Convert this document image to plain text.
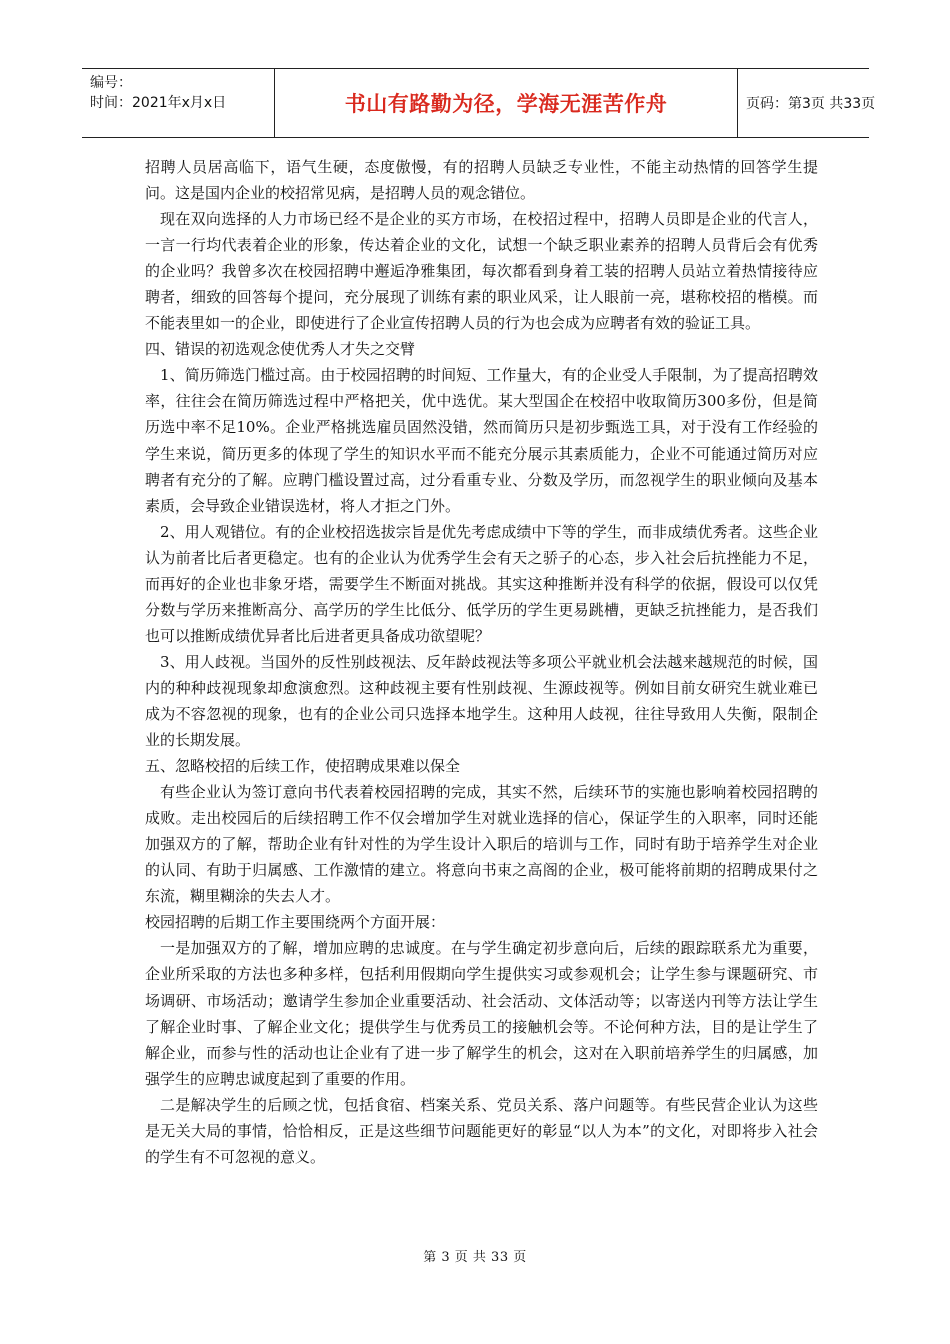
编号：
时间：2021年x月x日	书山有路勤为径，学海无涯苦作舟	页码：第3页 共33页

招聘人员居高临下，语气生硬，态度傲慢，有的招聘人员缺乏专业性，不能主动热情的回答学生提问。这是国内企业的校招常见病，是招聘人员的观念错位。

现在双向选择的人力市场已经不是企业的买方市场，在校招过程中，招聘人员即是企业的代言人，一言一行均代表着企业的形象，传达着企业的文化，试想一个缺乏职业素养的招聘人员背后会有优秀的企业吗？我曾多次在校园招聘中邂逅净雅集团，每次都看到身着工装的招聘人员站立着热情接待应聘者，细致的回答每个提问，充分展现了训练有素的职业风采，让人眼前一亮，堪称校招的楷模。而不能表里如一的企业，即使进行了企业宣传招聘人员的行为也会成为应聘者有效的验证工具。

四、错误的初选观念使优秀人才失之交臂

1、简历筛选门槛过高。由于校园招聘的时间短、工作量大，有的企业受人手限制，为了提高招聘效率，往往会在简历筛选过程中严格把关，优中选优。某大型国企在校招中收取简历300多份，但是简历选中率不足10%。企业严格挑选雇员固然没错，然而简历只是初步甄选工具，对于没有工作经验的学生来说，简历更多的体现了学生的知识水平而不能充分展示其素质能力，企业不可能通过简历对应聘者有充分的了解。应聘门槛设置过高，过分看重专业、分数及学历，而忽视学生的职业倾向及基本素质，会导致企业错误选材，将人才拒之门外。

2、用人观错位。有的企业校招选拔宗旨是优先考虑成绩中下等的学生，而非成绩优秀者。这些企业认为前者比后者更稳定。也有的企业认为优秀学生会有天之骄子的心态，步入社会后抗挫能力不足，而再好的企业也非象牙塔，需要学生不断面对挑战。其实这种推断并没有科学的依据，假设可以仅凭分数与学历来推断高分、高学历的学生比低分、低学历的学生更易跳槽，更缺乏抗挫能力，是否我们也可以推断成绩优异者比后进者更具备成功欲望呢？

3、用人歧视。当国外的反性别歧视法、反年龄歧视法等多项公平就业机会法越来越规范的时候，国内的种种歧视现象却愈演愈烈。这种歧视主要有性别歧视、生源歧视等。例如目前女研究生就业难已成为不容忽视的现象，也有的企业公司只选择本地学生。这种用人歧视，往往导致用人失衡，限制企业的长期发展。

五、忽略校招的后续工作，使招聘成果难以保全

有些企业认为签订意向书代表着校园招聘的完成，其实不然，后续环节的实施也影响着校园招聘的成败。走出校园后的后续招聘工作不仅会增加学生对就业选择的信心，保证学生的入职率，同时还能加强双方的了解，帮助企业有针对性的为学生设计入职后的培训与工作，同时有助于培养学生对企业的认同、有助于归属感、工作激情的建立。将意向书束之高阁的企业，极可能将前期的招聘成果付之东流，糊里糊涂的失去人才。

校园招聘的后期工作主要围绕两个方面开展：

一是加强双方的了解，增加应聘的忠诚度。在与学生确定初步意向后，后续的跟踪联系尤为重要，企业所采取的方法也多种多样，包括利用假期向学生提供实习或参观机会；让学生参与课题研究、市场调研、市场活动；邀请学生参加企业重要活动、社会活动、文体活动等；以寄送内刊等方法让学生了解企业时事、了解企业文化；提供学生与优秀员工的接触机会等。不论何种方法，目的是让学生了解企业，而参与性的活动也让企业有了进一步了解学生的机会，这对在入职前培养学生的归属感，加强学生的应聘忠诚度起到了重要的作用。

二是解决学生的后顾之忧，包括食宿、档案关系、党员关系、落户问题等。有些民营企业认为这些是无关大局的事情，恰恰相反，正是这些细节问题能更好的彰显“以人为本”的文化，对即将步入社会的学生有不可忽视的意义。

第 3 页 共 33 页
